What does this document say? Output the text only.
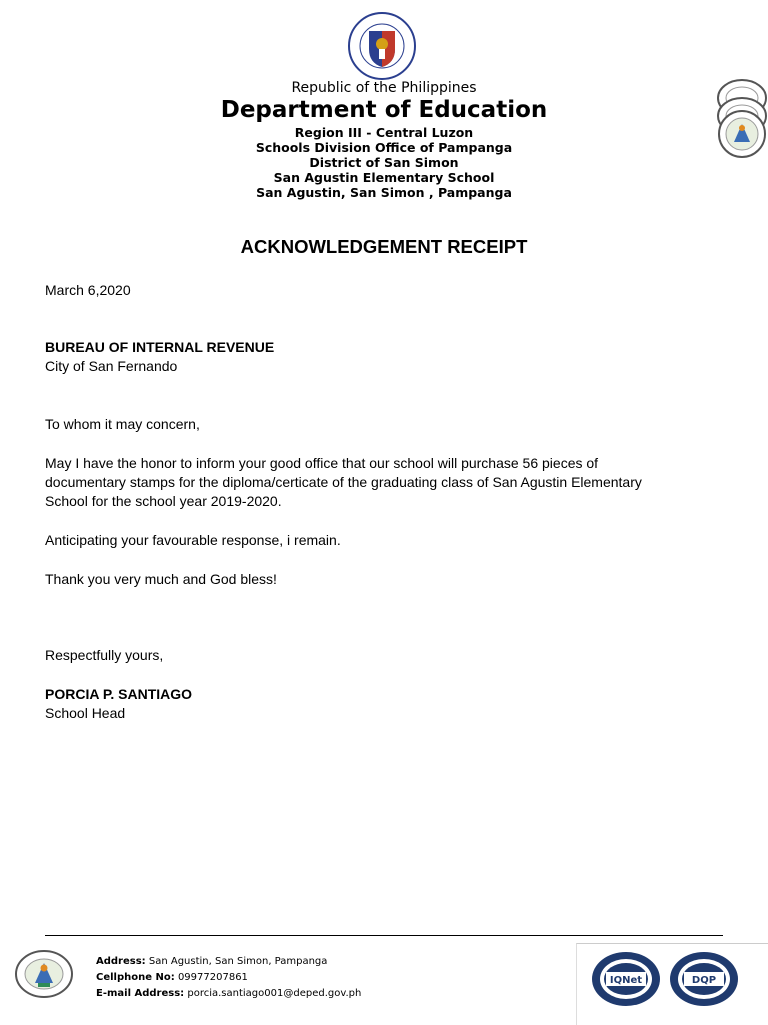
Republic of the Philippines
Department of Education
Region III - Central Luzon
Schools Division Office of Pampanga
District of San Simon
San Agustin Elementary School
San Agustin, San Simon , Pampanga
ACKNOWLEDGEMENT RECEIPT
March 6,2020
BUREAU OF INTERNAL REVENUE
City of San Fernando
To whom it may concern,
May I have the honor to inform your good office that our school will purchase 56 pieces of
documentary stamps for the diploma/certicate of the graduating class of San Agustin Elementary
School for the school year 2019-2020.
Anticipating your favourable response, i remain.
Thank you very much and God bless!
Respectfully yours,
PORCIA P. SANTIAGO
School Head
Address: San Agustin, San Simon, Pampanga
Cellphone No: 09977207861
E-mail Address: porcia.santiago001@deped.gov.ph
IQNet	DQP
